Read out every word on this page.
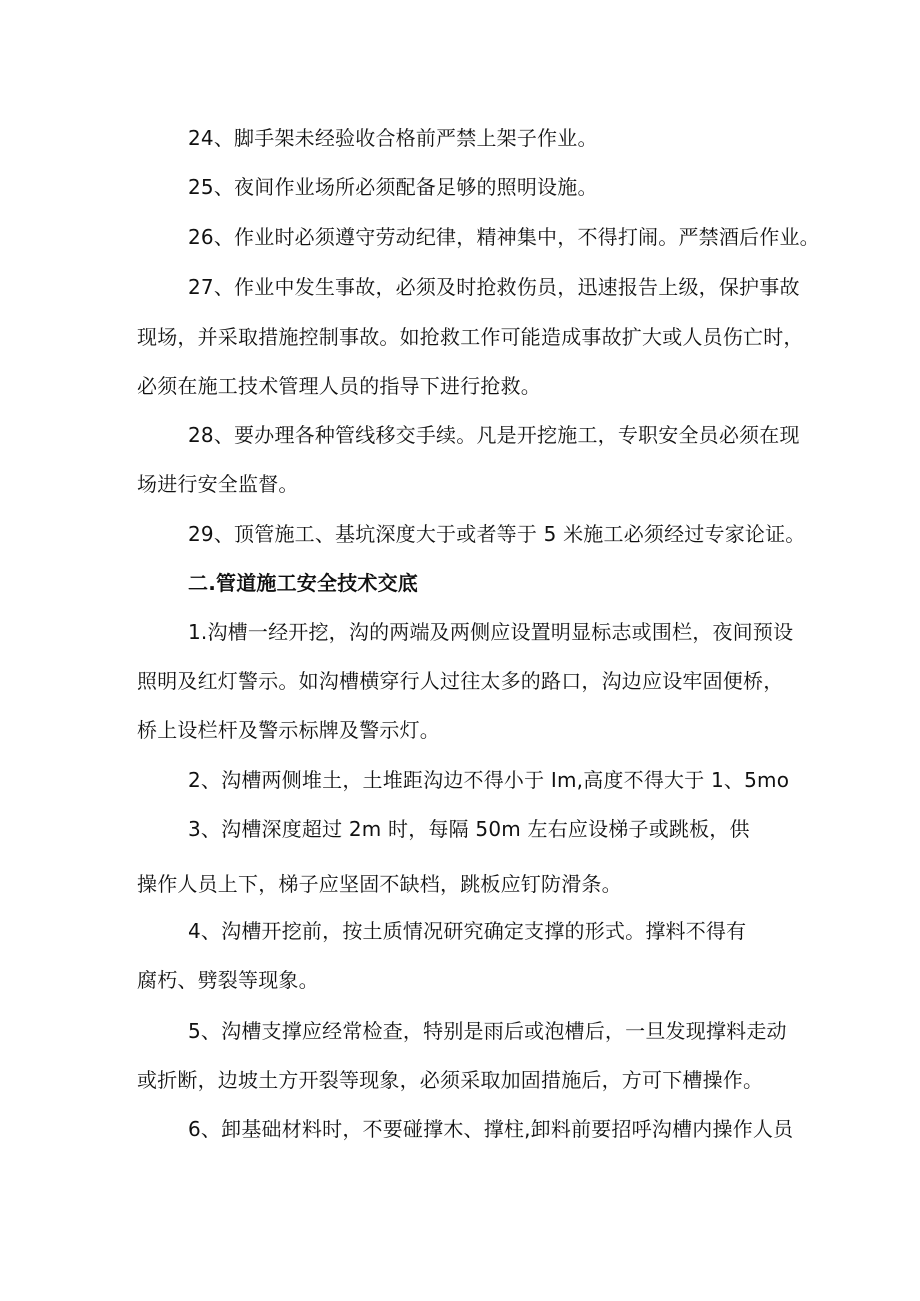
24、脚手架未经验收合格前严禁上架子作业。
25、夜间作业场所必须配备足够的照明设施。
26、作业时必须遵守劳动纪律，精神集中，不得打闹。严禁酒后作业。
27、作业中发生事故，必须及时抢救伤员，迅速报告上级，保护事故
现场，并采取措施控制事故。如抢救工作可能造成事故扩大或人员伤亡时，
必须在施工技术管理人员的指导下进行抢救。
28、要办理各种管线移交手续。凡是开挖施工，专职安全员必须在现
场进行安全监督。
29、顶管施工、基坑深度大于或者等于 5 米施工必须经过专家论证。
二.管道施工安全技术交底
1.沟槽一经开挖，沟的两端及两侧应设置明显标志或围栏，夜间预设
照明及红灯警示。如沟槽横穿行人过往太多的路口，沟边应设牢固便桥，
桥上设栏杆及警示标牌及警示灯。
2、沟槽两侧堆土，土堆距沟边不得小于 Im,高度不得大于 1、5mo
3、沟槽深度超过 2m 时，每隔 50m 左右应设梯子或跳板，供
操作人员上下，梯子应坚固不缺档，跳板应钉防滑条。
4、沟槽开挖前，按土质情况研究确定支撑的形式。撑料不得有
腐朽、劈裂等现象。
5、沟槽支撑应经常检查，特别是雨后或泡槽后，一旦发现撑料走动
或折断，边坡土方开裂等现象，必须采取加固措施后，方可下槽操作。
6、卸基础材料时，不要碰撑木、撑柱,卸料前要招呼沟槽内操作人员
